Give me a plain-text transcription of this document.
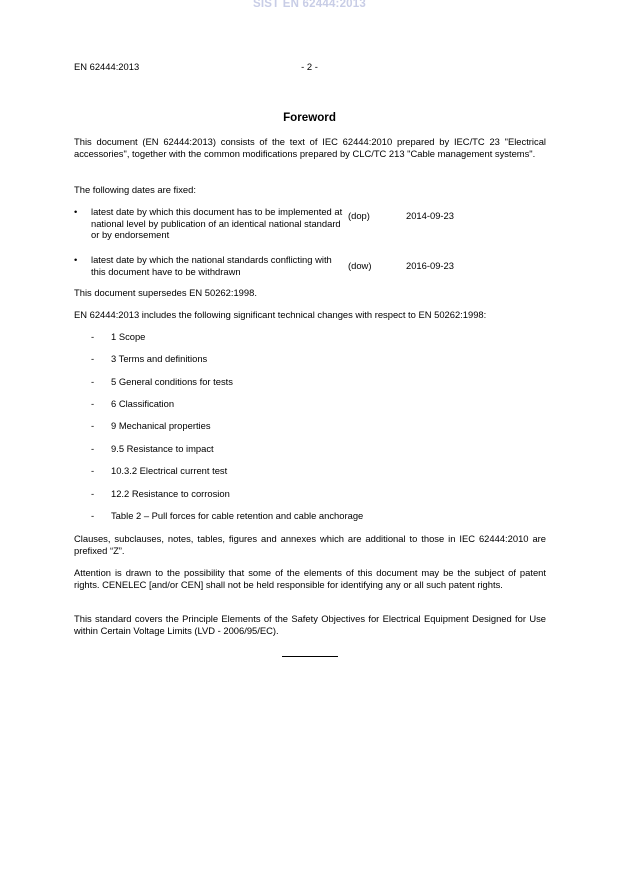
SIST EN 62444:2013
EN 62444:2013	- 2 -
Foreword

This document (EN 62444:2013) consists of the text of IEC 62444:2010 prepared by IEC/TC 23 "Electrical accessories", together with the common modifications prepared by CLC/TC 213 "Cable management systems".

The following dates are fixed:

• latest date by which this document has to be implemented at national level by publication of an identical national standard or by endorsement
(dop)	2014-09-23
• latest date by which the national standards conflicting with this document have to be withdrawn
(dow)	2016-09-23

This document supersedes EN 50262:1998.

EN 62444:2013 includes the following significant technical changes with respect to EN 50262:1998:

- 1 Scope
- 3 Terms and definitions
- 5 General conditions for tests
- 6 Classification
- 9 Mechanical properties
- 9.5 Resistance to impact
- 10.3.2 Electrical current test
- 12.2 Resistance to corrosion
- Table 2 – Pull forces for cable retention and cable anchorage

Clauses, subclauses, notes, tables, figures and annexes which are additional to those in IEC 62444:2010 are prefixed “Z”.

Attention is drawn to the possibility that some of the elements of this document may be the subject of patent rights. CENELEC [and/or CEN] shall not be held responsible for identifying any or all such patent rights.

This standard covers the Principle Elements of the Safety Objectives for Electrical Equipment Designed for Use within Certain Voltage Limits (LVD - 2006/95/EC).
